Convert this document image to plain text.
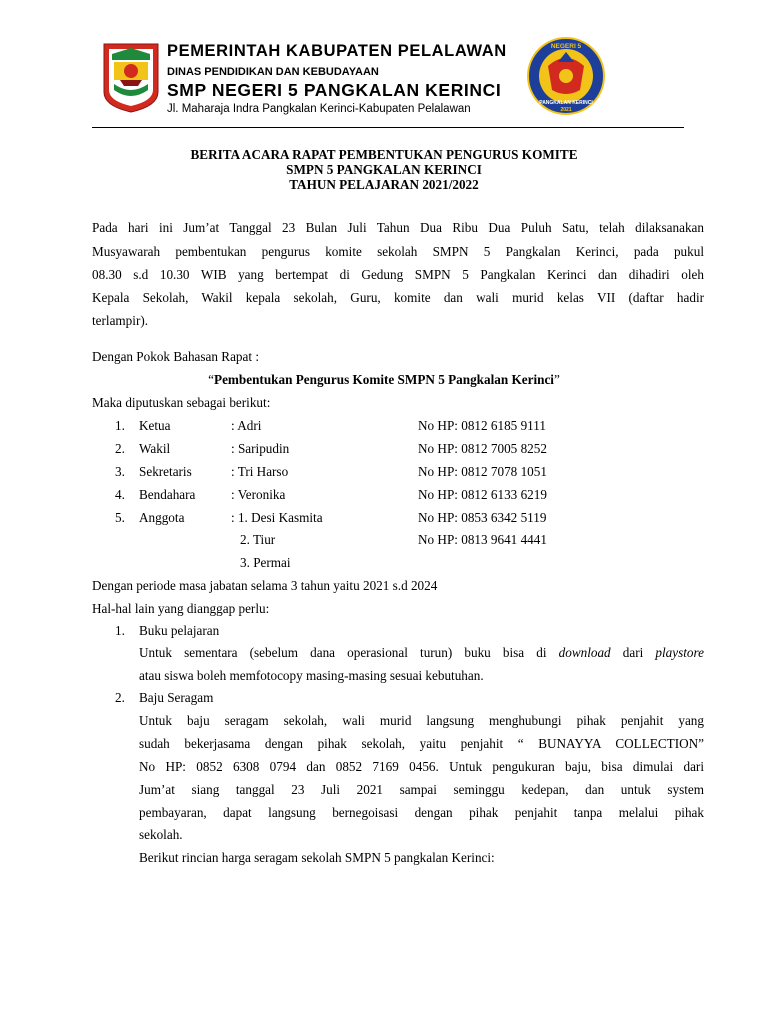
PEMERINTAH KABUPATEN PELALAWAN
DINAS PENDIDIKAN DAN KEBUDAYAAN
SMP NEGERI 5 PANGKALAN KERINCI
Jl. Maharaja Indra Pangkalan Kerinci-Kabupaten Pelalawan
NEGERI 5
PANGKALAN KERINCI
2021
BERITA ACARA RAPAT PEMBENTUKAN PENGURUS KOMITE
SMPN 5 PANGKALAN KERINCI
TAHUN PELAJARAN 2021/2022
Pada hari ini Jum’at Tanggal 23 Bulan Juli Tahun Dua Ribu Dua Puluh Satu, telah dilaksanakan
Musyawarah pembentukan pengurus komite sekolah SMPN 5 Pangkalan Kerinci, pada pukul
08.30 s.d 10.30 WIB yang bertempat di Gedung SMPN 5 Pangkalan Kerinci dan dihadiri oleh
Kepala Sekolah, Wakil kepala sekolah, Guru, komite dan wali murid kelas VII (daftar hadir
terlampir).
Dengan Pokok Bahasan Rapat :
“Pembentukan Pengurus Komite SMPN 5 Pangkalan Kerinci”
Maka diputuskan sebagai berikut:
1.	Ketua	: Adri	No HP: 0812 6185 9111
2.	Wakil	: Saripudin	No HP: 0812 7005 8252
3.	Sekretaris	: Tri Harso	No HP: 0812 7078 1051
4.	Bendahara	: Veronika	No HP: 0812 6133 6219
5.	Anggota	: 1. Desi Kasmita	No HP: 0853 6342 5119
2. Tiur	No HP: 0813 9641 4441
3. Permai
Dengan periode masa jabatan selama 3 tahun yaitu 2021 s.d 2024
Hal-hal lain yang dianggap perlu:
1.	Buku pelajaran
Untuk sementara (sebelum dana operasional turun) buku bisa di download dari playstore
atau siswa boleh memfotocopy masing-masing sesuai kebutuhan.
2.	Baju Seragam
Untuk baju seragam sekolah, wali murid langsung menghubungi pihak penjahit yang
sudah bekerjasama dengan pihak sekolah, yaitu penjahit “ BUNAYYA COLLECTION”
No HP: 0852 6308 0794 dan 0852 7169 0456. Untuk pengukuran baju, bisa dimulai dari
Jum’at siang tanggal 23 Juli 2021 sampai seminggu kedepan, dan untuk system
pembayaran, dapat langsung bernegoisasi dengan pihak penjahit tanpa melalui pihak
sekolah.
Berikut rincian harga seragam sekolah SMPN 5 pangkalan Kerinci:
